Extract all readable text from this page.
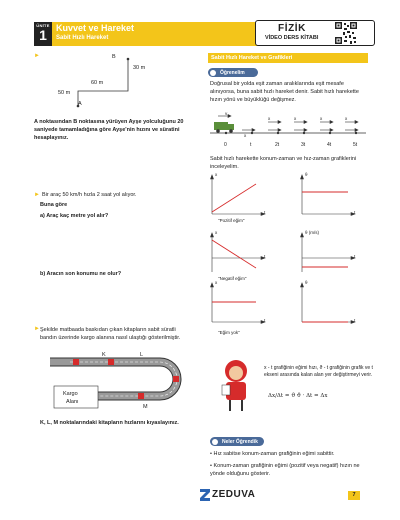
ÜNİTE
1	Kuvvet ve Hareket
Sabit Hızlı Hareket
FİZİK
VİDEO DERS KİTABI
►	B
30 m
60 m
50 m
A
A noktasından B noktasına yürüyen Ayşe yolculuğunu 20 saniyede tamamladığına göre Ayşe'nin hızını ve süratini hesaplayınız.
► Bir araç 50 km/h hızla 2 saat yol alıyor.
Buna göre
a) Araç kaç metre yol alır?
b) Aracın son konumu ne olur?
► Şekilde matbaada baskıdan çıkan kitapların sabit süratli bandın üzerinde kargo alanına nasıl ulaştığı gösterilmiştir.
K	L
M
Kargo
Alanı
K, L, M noktalarındaki kitapların hızlarını kıyaslayınız.
Sabit Hızlı Hareket ve Grafikleri
Öğrenelim
Doğrusal bir yolda eşit zaman aralıklarında eşit mesafe alınıyorsa, buna sabit hızlı hareket denir. Sabit hızlı harekette hızın yönü ve büyüklüğü değişmez.
v
x	x	x	x
x
0	t	2t	3t	4t	5t
Sabit hızlı harekette konum-zaman ve hız-zaman grafiklerini inceleyelim.
x
t
ϑ
t
"Pozitif eğim"
x
t
ϑ (m/s)
t
"Negatif eğim"
x
t
ϑ
t
"Eğim yok"
x - t grafiğinin eğimi hızı, ϑ - t grafiğinin grafik ve t ekseni arasında kalan alan yer değiştirmeyi verir.
Δx/Δt = ϑ ϑ · Δt = Δx
Neler Öğrendik
• Hız sabitse konum-zaman grafiğinin eğimi sabittir.
• Konum-zaman grafiğinin eğimi (pozitif veya negatif) hızın ne yönde olduğunu gösterir.
ZEDUVA	7
